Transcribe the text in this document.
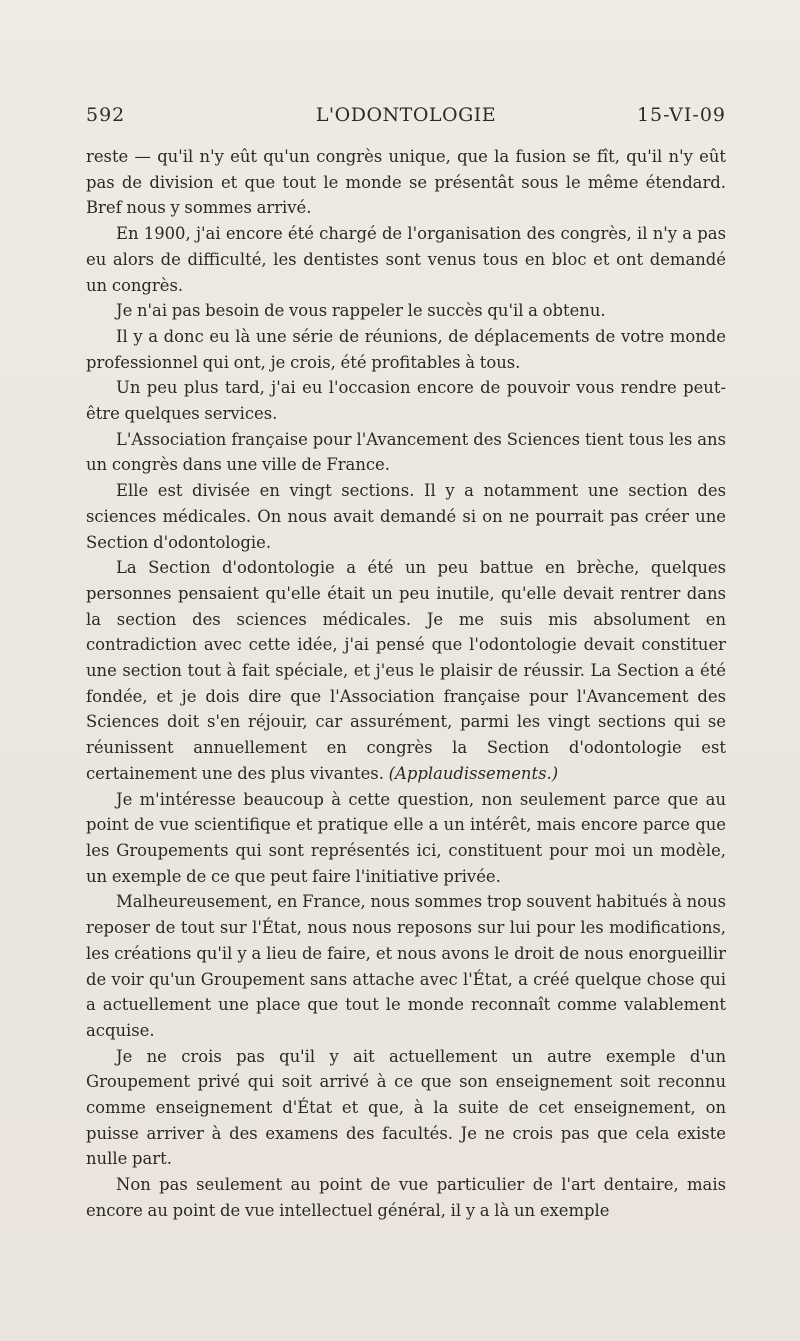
592	L'ODONTOLOGIE	15-VI-09

reste — qu'il n'y eût qu'un congrès unique, que la fusion se fît, qu'il n'y eût pas de division et que tout le monde se présentât sous le même étendard. Bref nous y sommes arrivé.

En 1900, j'ai encore été chargé de l'organisation des congrès, il n'y a pas eu alors de difficulté, les dentistes sont venus tous en bloc et ont demandé un congrès.

Je n'ai pas besoin de vous rappeler le succès qu'il a obtenu.

Il y a donc eu là une série de réunions, de déplacements de votre monde professionnel qui ont, je crois, été profitables à tous.

Un peu plus tard, j'ai eu l'occasion encore de pouvoir vous rendre peut-être quelques services.

L'Association française pour l'Avancement des Sciences tient tous les ans un congrès dans une ville de France.

Elle est divisée en vingt sections. Il y a notamment une section des sciences médicales. On nous avait demandé si on ne pourrait pas créer une Section d'odontologie.

La Section d'odontologie a été un peu battue en brèche, quelques personnes pensaient qu'elle était un peu inutile, qu'elle devait rentrer dans la section des sciences médicales. Je me suis mis absolument en contradiction avec cette idée, j'ai pensé que l'odontologie devait constituer une section tout à fait spéciale, et j'eus le plaisir de réussir. La Section a été fondée, et je dois dire que l'Association française pour l'Avancement des Sciences doit s'en réjouir, car assurément, parmi les vingt sections qui se réunissent annuellement en congrès la Section d'odontologie est certainement une des plus vivantes. (Applaudissements.)

Je m'intéresse beaucoup à cette question, non seulement parce que au point de vue scientifique et pratique elle a un intérêt, mais encore parce que les Groupements qui sont représentés ici, constituent pour moi un modèle, un exemple de ce que peut faire l'initiative privée.

Malheureusement, en France, nous sommes trop souvent habitués à nous reposer de tout sur l'État, nous nous reposons sur lui pour les modifications, les créations qu'il y a lieu de faire, et nous avons le droit de nous enorgueillir de voir qu'un Groupement sans attache avec l'État, a créé quelque chose qui a actuellement une place que tout le monde reconnaît comme valablement acquise.

Je ne crois pas qu'il y ait actuellement un autre exemple d'un Groupement privé qui soit arrivé à ce que son enseignement soit reconnu comme enseignement d'État et que, à la suite de cet enseignement, on puisse arriver à des examens des facultés. Je ne crois pas que cela existe nulle part.

Non pas seulement au point de vue particulier de l'art dentaire, mais encore au point de vue intellectuel général, il y a là un exemple
